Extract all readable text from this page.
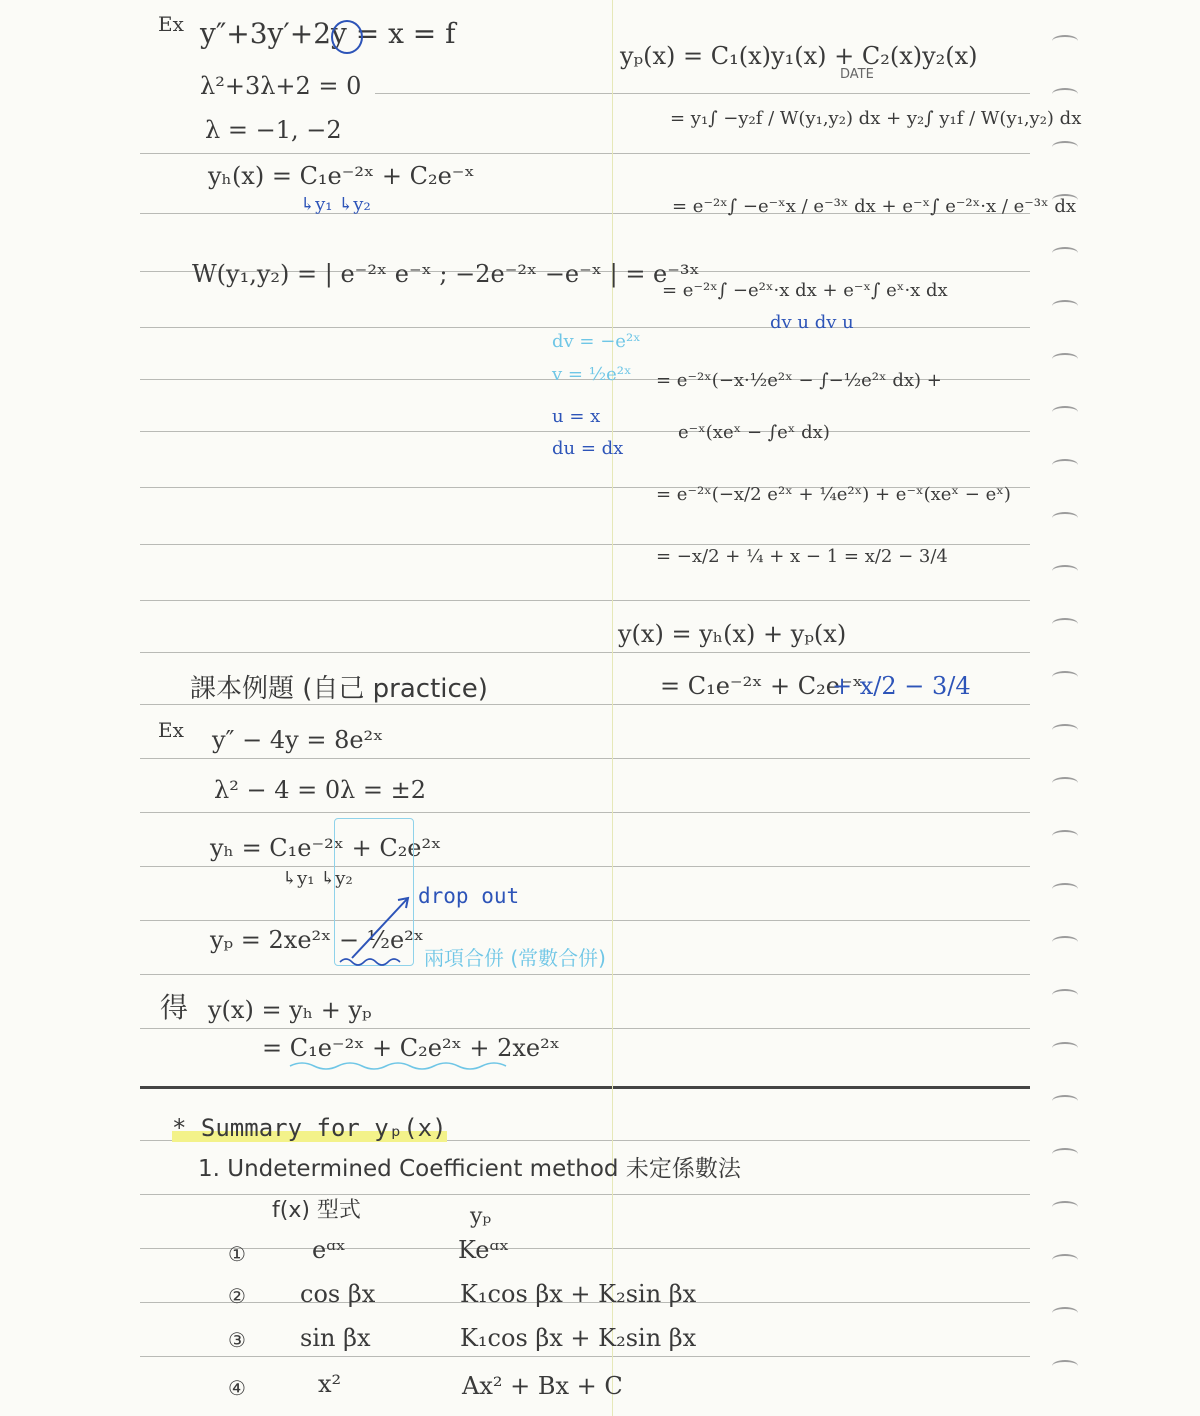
Ex y″+3y′+2y = x = f
λ²+3λ+2 = 0
λ = −1, −2
yₕ(x) = C₁e⁻²ˣ + C₂e⁻ˣ
↳y₁ ↳y₂
W(y₁,y₂) = | e⁻²ˣ e⁻ˣ ; −2e⁻²ˣ −e⁻ˣ | = e⁻³ˣ
dv = −e²ˣ
v = ½e²ˣ
u = x
du = dx
yₚ(x) = C₁(x)y₁(x) + C₂(x)y₂(x)
DATE
= y₁∫ −y₂f / W(y₁,y₂) dx + y₂∫ y₁f / W(y₁,y₂) dx
= e⁻²ˣ∫ −e⁻ˣx / e⁻³ˣ dx + e⁻ˣ∫ e⁻²ˣ·x / e⁻³ˣ dx
= e⁻²ˣ∫ −e²ˣ·x dx + e⁻ˣ∫ eˣ·x dx
dv u dv u
= e⁻²ˣ(−x·½e²ˣ − ∫−½e²ˣ dx) +
e⁻ˣ(xeˣ − ∫eˣ dx)
= e⁻²ˣ(−x/2 e²ˣ + ¼e²ˣ) + e⁻ˣ(xeˣ − eˣ)
= −x/2 + ¼ + x − 1 = x/2 − 3/4
y(x) = yₕ(x) + yₚ(x)
= C₁e⁻²ˣ + C₂e⁻ˣ
+ x/2 − 3/4
課本例題 (自己 practice)
Ex y″ − 4y = 8e²ˣ
λ² − 4 = 0 λ = ±2
yₕ = C₁e⁻²ˣ + C₂e²ˣ
↳y₁ ↳y₂
drop out
yₚ = 2xe²ˣ − ½e²ˣ
兩項合併 (常數合併)
得 y(x) = yₕ + yₚ
= C₁e⁻²ˣ + C₂e²ˣ + 2xe²ˣ
* Summary for yₚ(x)
1. Undetermined Coefficient method 未定係數法
f(x) 型式	yₚ
①	eᵅˣ	Keᵅˣ
② cos βx	K₁cos βx + K₂sin βx
③ sin βx	K₁cos βx + K₂sin βx
④	x²	Ax² + Bx + C
